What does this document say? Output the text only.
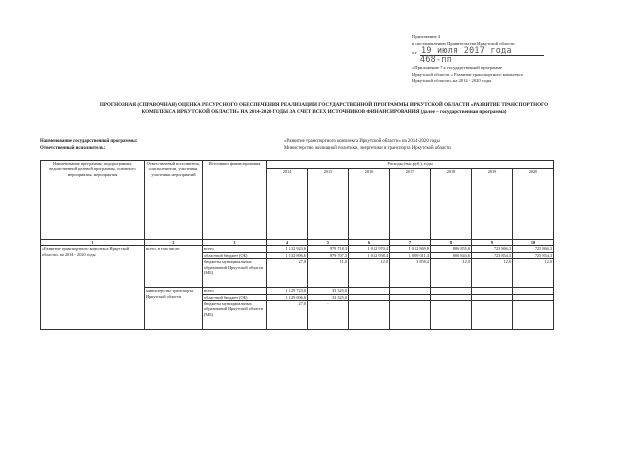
Приложение 4
к постановлению Правительства Иркутской области
от 19 июля 2017 года
468-пп
«Приложение 7 к государственной программе
Иркутской области « Развитие транспортного комплекса
Иркутской области» на 2014 - 2020 годы
ПРОГНОЗНАЯ (СПРАВОЧНАЯ) ОЦЕНКА РЕСУРСНОГО ОБЕСПЕЧЕНИЯ РЕАЛИЗАЦИИ ГОСУДАРСТВЕННОЙ ПРОГРАММЫ ИРКУТСКОЙ ОБЛАСТИ «РАЗВИТИЕ ТРАНСПОРТНОГО
КОМПЛЕКСА ИРКУТСКОЙ ОБЛАСТИ» НА 2014-2020 ГОДЫ ЗА СЧЕТ ВСЕХ ИСТОЧНИКОВ ФИНАНСИРОВАНИЯ (далее – государственная программа)
Наименование государственной программы:	«Развитие транспортного комплекса Иркутской области» на 2014-2020 годы
Ответственный исполнитель:	Министерство жилищной политики, энергетики и транспорта Иркутской области
Наименование программы, подпрограммы, ведомственной целевой программы, основного мероприятия, мероприятия	Ответственный исполнитель, соисполнители, участники, участники мероприятий	Источники финансирования	Расходы (тыс.руб.), годы						
			2014	2015	2016	2017	2018	2019	2020
1	2	3	4	5	6	7	8	9	10
«Развитие транспортного комплекса Иркутской области» на 2014 - 2020 годы	всего, в том числе:	всего	1 132 923,6	979 718,3	1 012 970,4	1 012 869,8	806 855,6	723 866,3	725 866,3
		областной бюджет (ОБ)	1 132 896,6	979 707,3	1 012 958,4	1 009 011,4	806 843,6	723 854,3	725 854,3
		бюджеты муниципальных образований Иркутской области (МБ)	27,0	11,0	12,0	3 858,4	12,0	12,0	12,0
	министерство транспорта Иркутской области	всего	1 129 723,6	33 325,0					
		областной бюджет (ОБ)	1 129 696,6	33 325,0					
		бюджеты муниципальных образований Иркутской области (МБ)	27,0	-					
